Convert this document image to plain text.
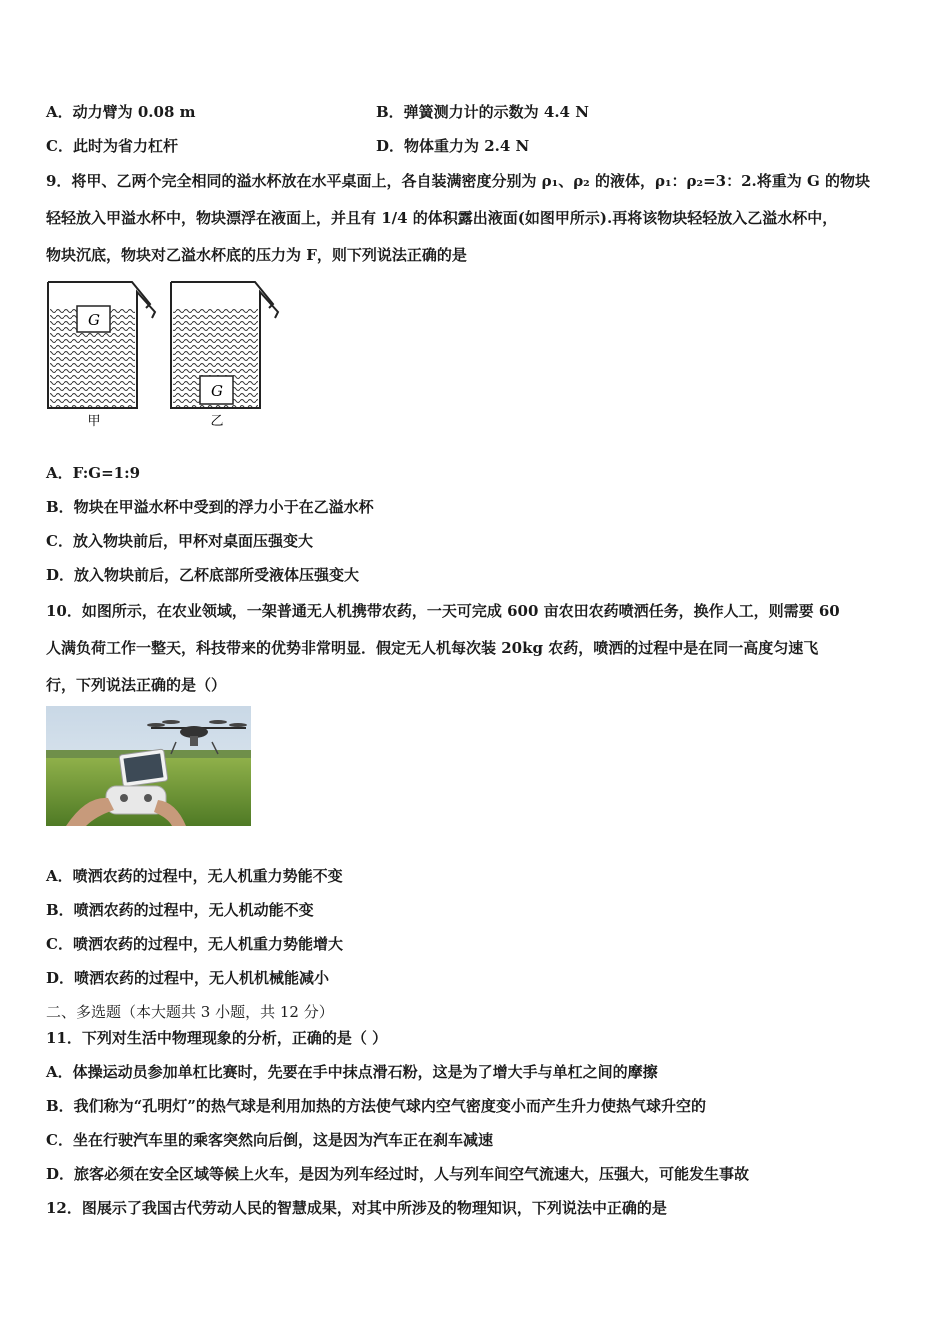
A．动力臂为 0.08 m	B．弹簧测力计的示数为 4.4 N
C．此时为省力杠杆	D．物体重力为 2.4 N
9．将甲、乙两个完全相同的溢水杯放在水平桌面上，各自装满密度分别为 ρ₁、ρ₂ 的液体，ρ₁：ρ₂=3：2.将重为 G 的物块
轻轻放入甲溢水杯中，物块漂浮在液面上，并且有 1/4 的体积露出液面(如图甲所示).再将该物块轻轻放入乙溢水杯中，
物块沉底，物块对乙溢水杯底的压力为 F，则下列说法正确的是
G
甲
G
乙
A．F:G=1:9
B．物块在甲溢水杯中受到的浮力小于在乙溢水杯
C．放入物块前后，甲杯对桌面压强变大
D．放入物块前后，乙杯底部所受液体压强变大
10．如图所示，在农业领域，一架普通无人机携带农药，一天可完成 600 亩农田农药喷洒任务，换作人工，则需要 60
人满负荷工作一整天，科技带来的优势非常明显．假定无人机每次装 20kg 农药，喷洒的过程中是在同一高度匀速飞
行，下列说法正确的是（）
A．喷洒农药的过程中，无人机重力势能不变
B．喷洒农药的过程中，无人机动能不变
C．喷洒农药的过程中，无人机重力势能增大
D．喷洒农药的过程中，无人机机械能减小
二、多选题（本大题共 3 小题，共 12 分）
11．下列对生活中物理现象的分析，正确的是（ ）
A．体操运动员参加单杠比赛时，先要在手中抹点滑石粉，这是为了增大手与单杠之间的摩擦
B．我们称为“孔明灯”的热气球是利用加热的方法使气球内空气密度变小而产生升力使热气球升空的
C．坐在行驶汽车里的乘客突然向后倒，这是因为汽车正在刹车减速
D．旅客必须在安全区域等候上火车，是因为列车经过时，人与列车间空气流速大，压强大，可能发生事故
12．图展示了我国古代劳动人民的智慧成果，对其中所涉及的物理知识，下列说法中正确的是
